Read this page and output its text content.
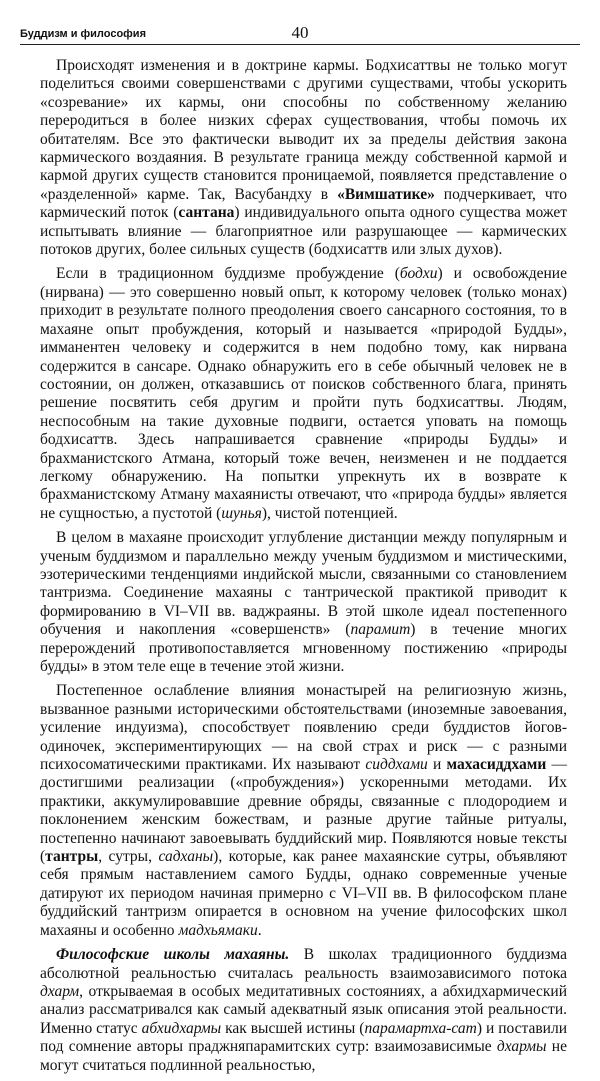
Буддизм и философия	40

Происходят изменения и в доктрине кармы. Бодхисаттвы не только могут поделиться своими совершенствами с другими существами, чтобы ускорить «созревание» их кармы, они способны по собственному желанию переродиться в более низких сферах существования, чтобы помочь их обитателям. Все это фактически выводит их за пределы действия закона кармического воздаяния. В результате граница между собственной кармой и кармой других существ становится проницаемой, появляется представление о «разделенной» карме. Так, Васубандху в «Вимшатике» подчеркивает, что кармический поток (сантана) индивидуального опыта одного существа может испытывать влияние — благоприятное или разрушающее — кармических потоков других, более сильных существ (бодхисаттв или злых духов).

Если в традиционном буддизме пробуждение (бодхи) и освобождение (нирвана) — это совершенно новый опыт, к которому человек (только монах) приходит в результате полного преодоления своего сансарного состояния, то в махаяне опыт пробуждения, который и называется «природой Будды», имманентен человеку и содержится в нем подобно тому, как нирвана содержится в сансаре. Однако обнаружить его в себе обычный человек не в состоянии, он должен, отказавшись от поисков собственного блага, принять решение посвятить себя другим и пройти путь бодхисаттвы. Людям, неспособным на такие духовные подвиги, остается уповать на помощь бодхисаттв. Здесь напрашивается сравнение «природы Будды» и брахманистского Атмана, который тоже вечен, неизменен и не поддается легкому обнаружению. На попытки упрекнуть их в возврате к брахманистскому Атману махаянисты отвечают, что «природа будды» является не сущностью, а пустотой (шунья), чистой потенцией.

В целом в махаяне происходит углубление дистанции между популярным и ученым буддизмом и параллельно между ученым буддизмом и мистическими, эзотерическими тенденциями индийской мысли, связанными со становлением тантризма. Соединение махаяны с тантрической практикой приводит к формированию в VI–VII вв. ваджраяны. В этой школе идеал постепенного обучения и накопления «совершенств» (парамит) в течение многих перерождений противопоставляется мгновенному постижению «природы будды» в этом теле еще в течение этой жизни.

Постепенное ослабление влияния монастырей на религиозную жизнь, вызванное разными историческими обстоятельствами (иноземные завоевания, усиление индуизма), способствует появлению среди буддистов йогов-одиночек, экспериментирующих — на свой страх и риск — с разными психосоматическими практиками. Их называют сиддхами и махасиддхами — достигшими реализации («пробуждения») ускоренными методами. Их практики, аккумулировавшие древние обряды, связанные с плодородием и поклонением женским божествам, и разные другие тайные ритуалы, постепенно начинают завоевывать буддийский мир. Появляются новые тексты (тантры, сутры, садханы), которые, как ранее махаянские сутры, объявляют себя прямым наставлением самого Будды, однако современные ученые датируют их периодом начиная примерно с VI–VII вв. В философском плане буддийский тантризм опирается в основном на учение философских школ махаяны и особенно мадхьямаки.

Философские школы махаяны. В школах традиционного буддизма абсолютной реальностью считалась реальность взаимозависимого потока дхарм, открываемая в особых медитативных состояниях, а абхидхармический анализ рассматривался как самый адекватный язык описания этой реальности. Именно статус абхидхармы как высшей истины (парамартха-сат) и поставили под сомнение авторы праджняпарамитских сутр: взаимозависимые дхармы не могут считаться подлинной реальностью,
